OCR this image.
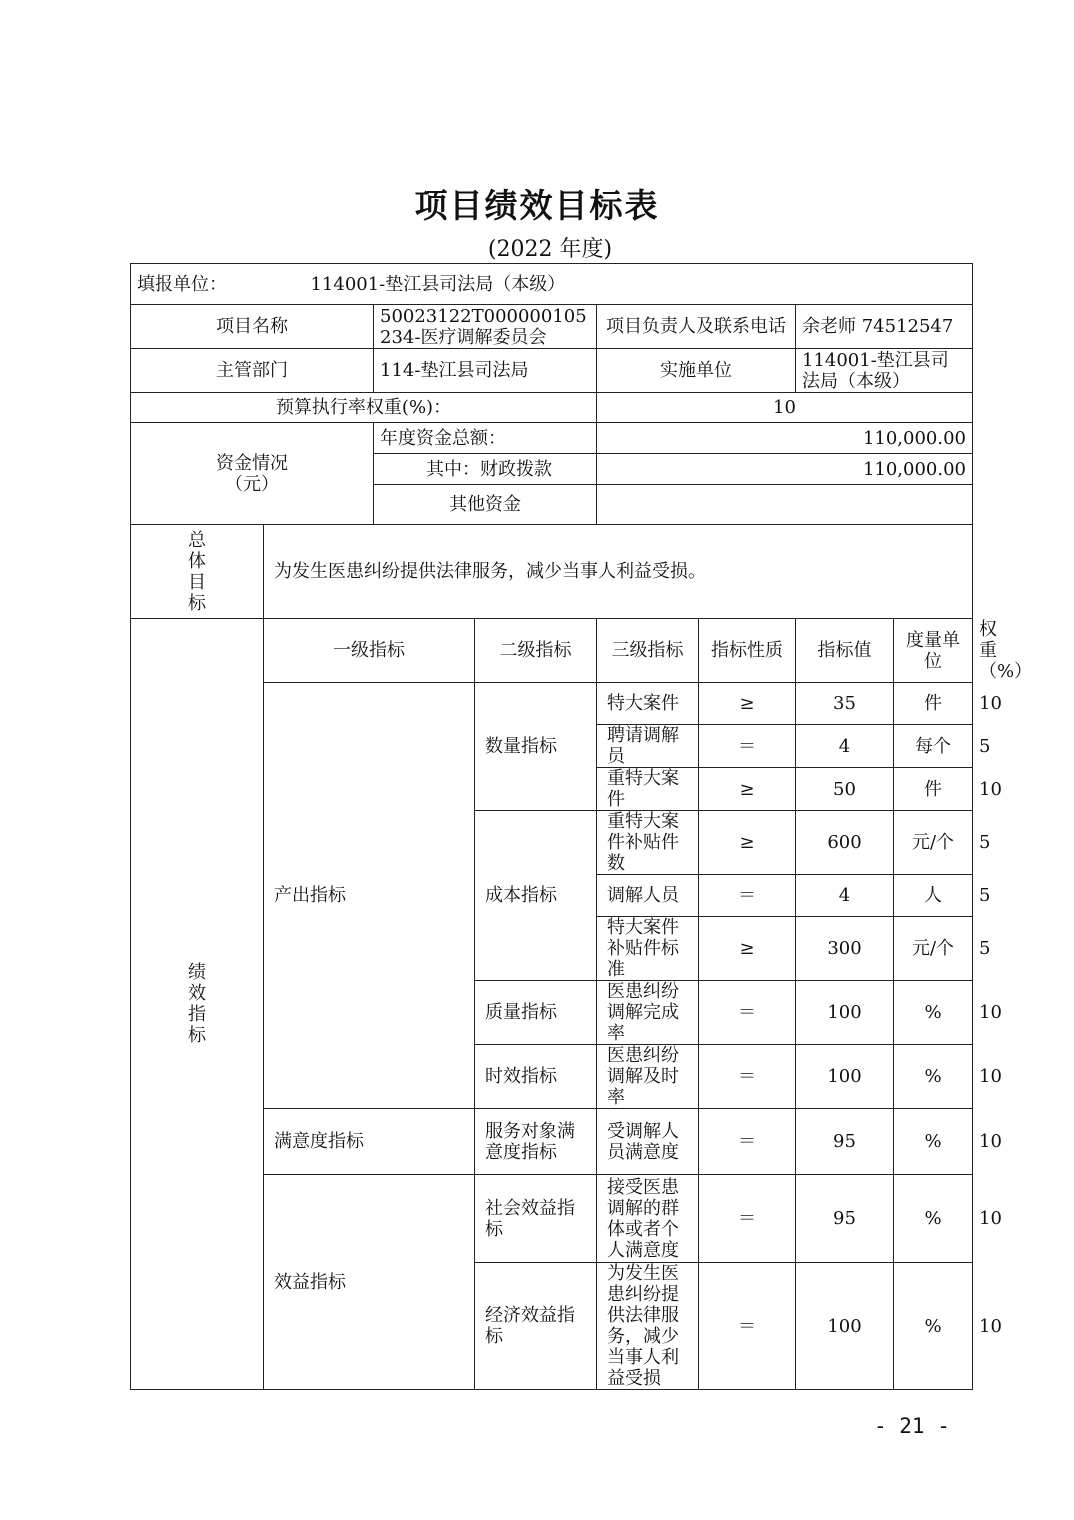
项目绩效目标表
(2022 年度)
填报单位： 114001-垫江县司法局（本级）								
项目名称		50023122T000000105234-医疗调解委员会		项目负责人及联系电话		余老师 74512547		
主管部门		114-垫江县司法局		实施单位		114001-垫江县司法局（本级）		
预算执行率权重(%)：				10				

资金情况
（元）		年度资金总额：		110,000.00				
		其中：财政拨款		110,000.00				
		其他资金						

总
体
目
标	为发生医患纠纷提供法律服务，减少当事人利益受损。							

绩
效
指
标	一级指标		二级指标	三级指标	指标性质	指标值	度量单位	权重（%）
	产出指标		数量指标	特大案件	≥	35	件	10
				聘请调解员	＝	4	每个	5
				重特大案件	≥	50	件	10
			成本指标	重特大案件补贴件数	≥	600	元/个	5
				调解人员	＝	4	人	5
				特大案件补贴件标准	≥	300	元/个	5
			质量指标	医患纠纷调解完成率	＝	100	%	10
			时效指标	医患纠纷调解及时率	＝	100	%	10
	满意度指标		服务对象满意度指标	受调解人员满意度	＝	95	%	10
	效益指标		社会效益指标	接受医患调解的群体或者个人满意度	＝	95	%	10
			经济效益指标	为发生医患纠纷提供法律服务，减少当事人利益受损	＝	100	%	10
- 21 -
